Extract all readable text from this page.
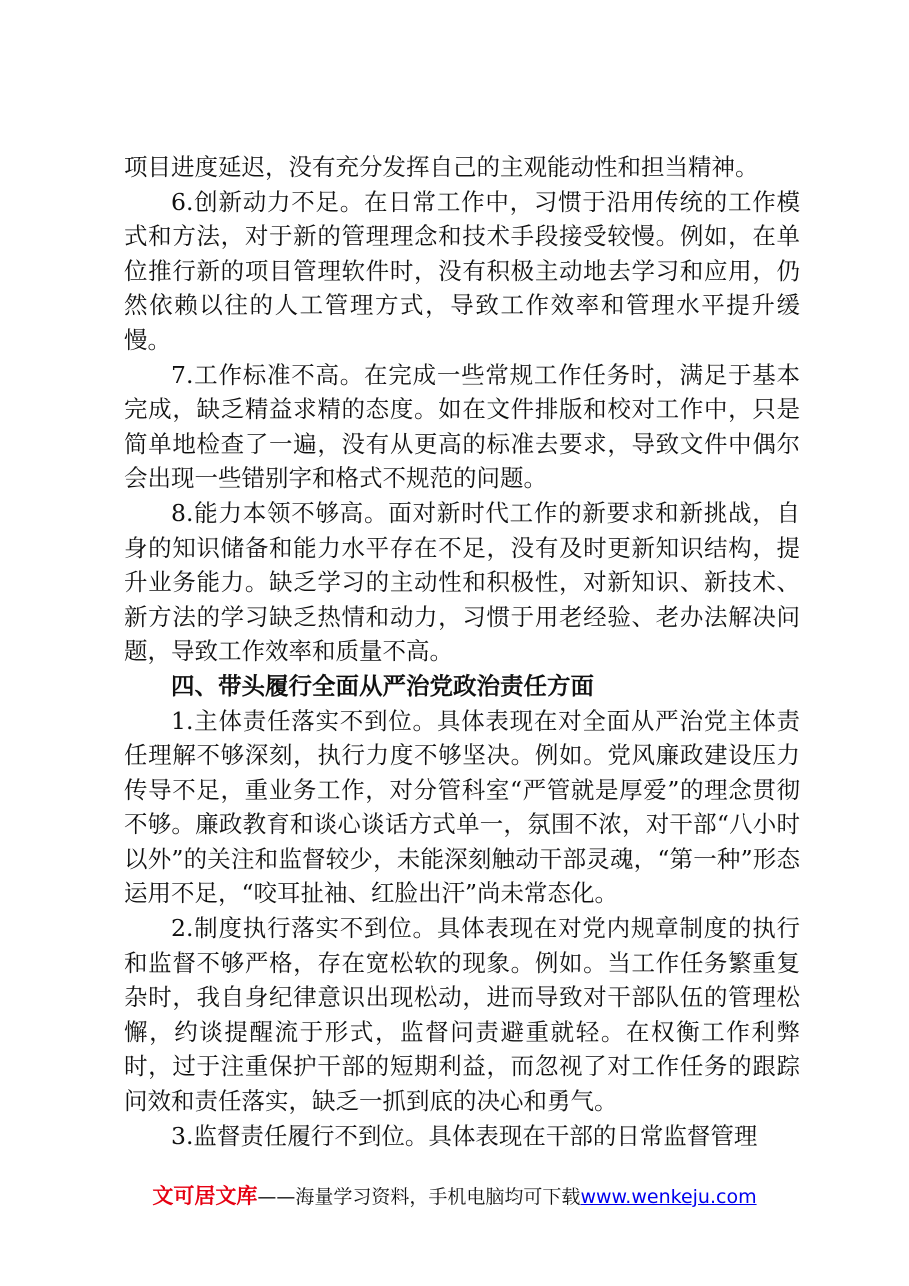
项目进度延迟，没有充分发挥自己的主观能动性和担当精神。

6.创新动力不足。在日常工作中，习惯于沿用传统的工作模式和方法，对于新的管理理念和技术手段接受较慢。例如，在单位推行新的项目管理软件时，没有积极主动地去学习和应用，仍然依赖以往的人工管理方式，导致工作效率和管理水平提升缓慢。

7.工作标准不高。在完成一些常规工作任务时，满足于基本完成，缺乏精益求精的态度。如在文件排版和校对工作中，只是简单地检查了一遍，没有从更高的标准去要求，导致文件中偶尔会出现一些错别字和格式不规范的问题。

8.能力本领不够高。面对新时代工作的新要求和新挑战，自身的知识储备和能力水平存在不足，没有及时更新知识结构，提升业务能力。缺乏学习的主动性和积极性，对新知识、新技术、新方法的学习缺乏热情和动力，习惯于用老经验、老办法解决问题，导致工作效率和质量不高。

四、带头履行全面从严治党政治责任方面

1.主体责任落实不到位。具体表现在对全面从严治党主体责任理解不够深刻，执行力度不够坚决。例如。党风廉政建设压力传导不足，重业务工作，对分管科室“严管就是厚爱”的理念贯彻不够。廉政教育和谈心谈话方式单一，氛围不浓，对干部“八小时以外”的关注和监督较少，未能深刻触动干部灵魂，“第一种”形态运用不足，“咬耳扯袖、红脸出汗”尚未常态化。

2.制度执行落实不到位。具体表现在对党内规章制度的执行和监督不够严格，存在宽松软的现象。例如。当工作任务繁重复杂时，我自身纪律意识出现松动，进而导致对干部队伍的管理松懈，约谈提醒流于形式，监督问责避重就轻。在权衡工作利弊时，过于注重保护干部的短期利益，而忽视了对工作任务的跟踪问效和责任落实，缺乏一抓到底的决心和勇气。

3.监督责任履行不到位。具体表现在干部的日常监督管理

文可居文库——海量学习资料，手机电脑均可下载www.wenkeju.com
